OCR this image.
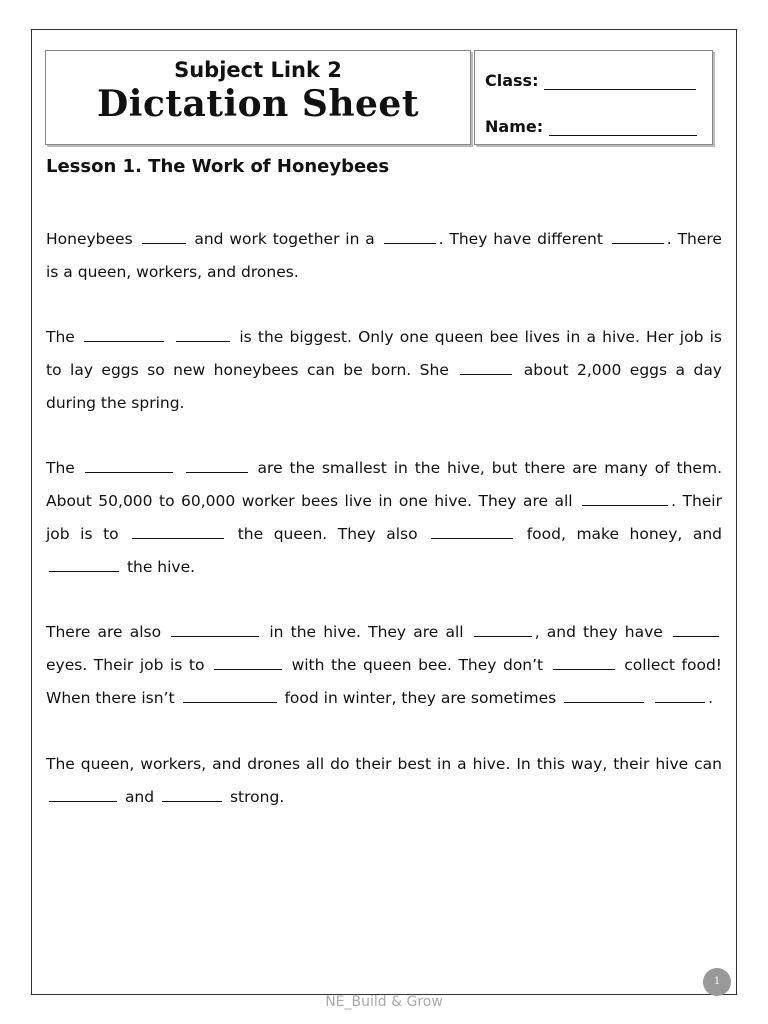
Subject Link 2
Dictation Sheet
Class:
Name:
Lesson 1. The Work of Honeybees
Honeybees	and work together in a	. They have different	. There is a queen, workers, and drones.
The	is the biggest. Only one queen bee lives in a hive. Her job is to lay eggs so new honeybees can be born. She	about 2,000 eggs a day during the spring.
The	are the smallest in the hive, but there are many of them. About 50,000 to 60,000 worker bees live in one hive. They are all	. Their job is to	the queen. They also	food, make honey, and  the hive.
There are also	in the hive. They are all	, and they have  eyes. Their job is to	with the queen bee. They don’t	collect food! When there isn’t	food in winter, they are sometimes	.
The queen, workers, and drones all do their best in a hive. In this way, their hive can  and	strong.
1
NE_Build & Grow
